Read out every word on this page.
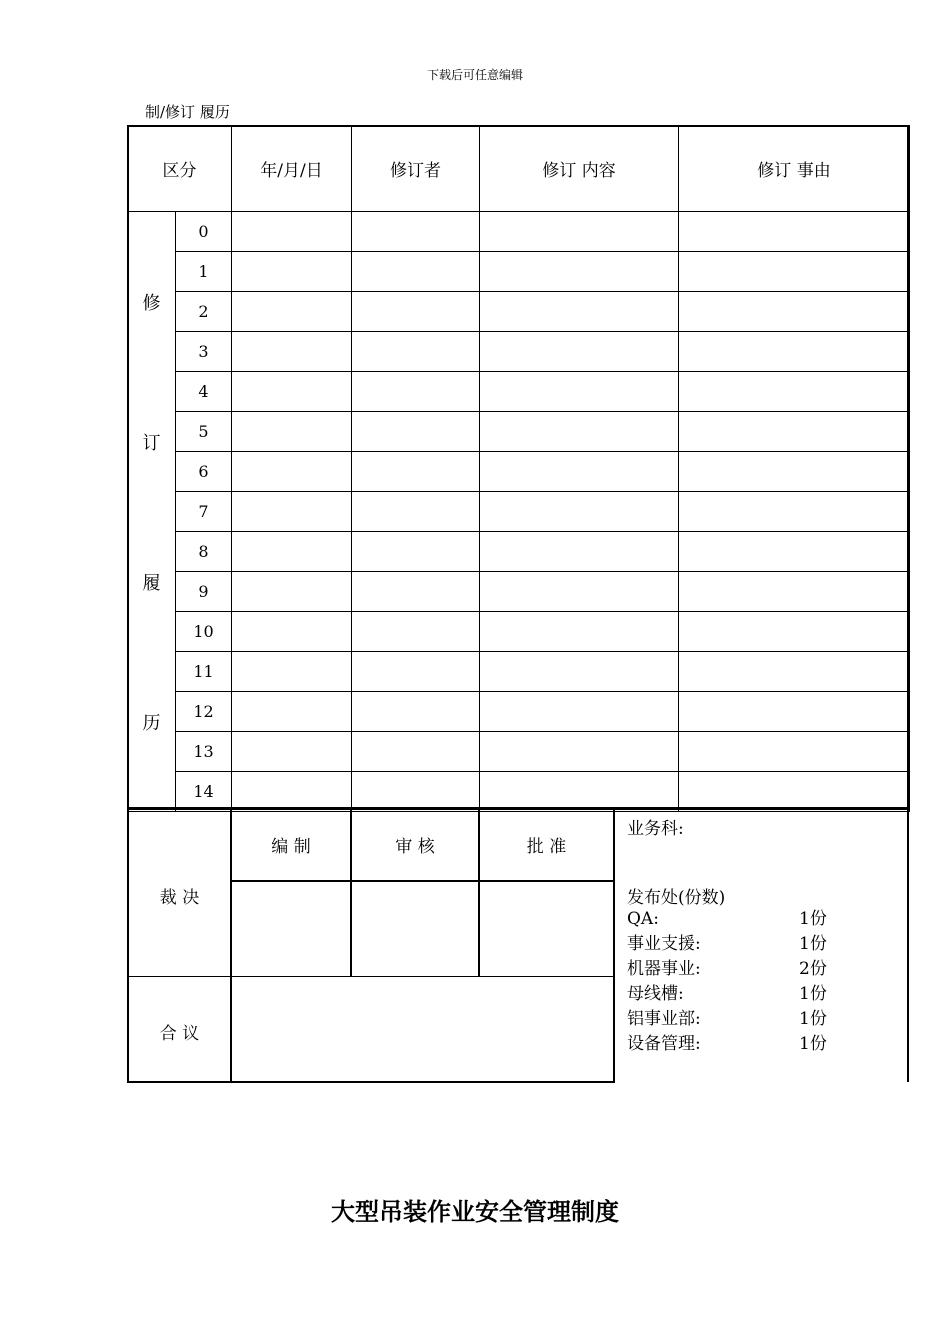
下载后可任意编辑
制/修订 履历
区分		年/月/日	修订者	修订 内容	修订 事由

修
订
履
历	0				
	1				
	2				
	3				
	4				
	5				
	6				
	7				
	8				
	9				
	10				
	11				
	12				
	13				
	14				
裁 决
编 制	审 核	批 准
合 议
业务科:
发布处(份数)
QA:	1份
事业支援:	1份
机器事业:	2份
母线槽:	1份
铝事业部:	1份
设备管理:	1份
大型吊装作业安全管理制度
